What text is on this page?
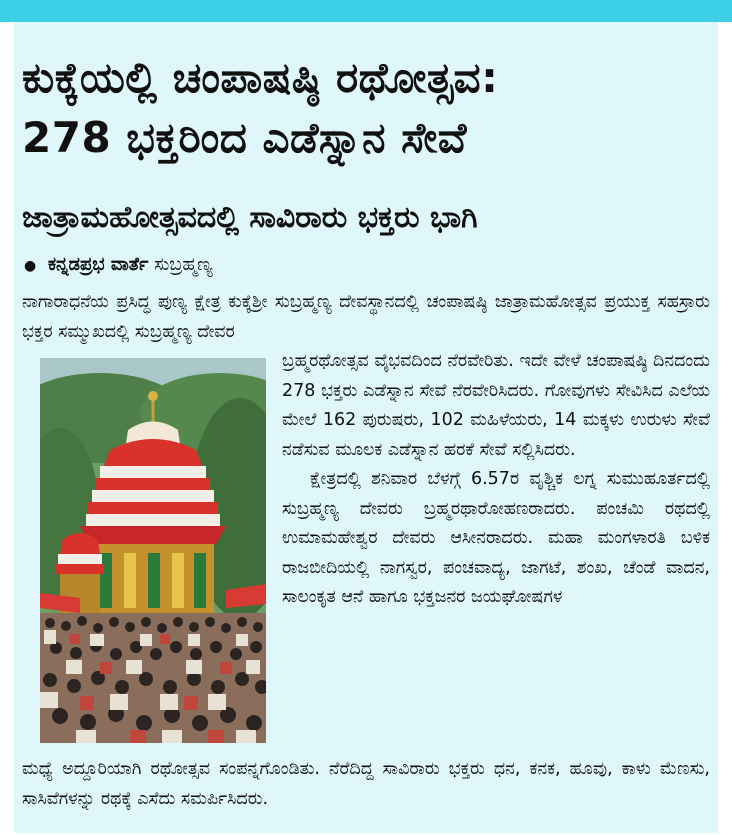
ಕುಕ್ಕೆಯಲ್ಲಿ ಚಂಪಾಷಷ್ಠಿ ರಥೋತ್ಸವ:
278 ಭಕ್ತರಿಂದ ಎಡೆಸ್ನಾನ ಸೇವೆ
ಜಾತ್ರಾಮಹೋತ್ಸವದಲ್ಲಿ ಸಾವಿರಾರು ಭಕ್ತರು ಭಾಗಿ
● ಕನ್ನಡಪ್ರಭ ವಾರ್ತೆ ಸುಬ್ರಹ್ಮಣ್ಯ
ನಾಗಾರಾಧನೆಯ ಪ್ರಸಿದ್ಧ ಪುಣ್ಯ ಕ್ಷೇತ್ರ ಕುಕ್ಕೆಶ್ರೀ ಸುಬ್ರಹ್ಮಣ್ಯ ದೇವಸ್ಥಾನದಲ್ಲಿ ಚಂಪಾಷಷ್ಠಿ ಜಾತ್ರಾಮಹೋತ್ಸವ ಪ್ರಯುಕ್ತ ಸಹಸ್ರಾರು ಭಕ್ತರ ಸಮ್ಮುಖದಲ್ಲಿ ಸುಬ್ರಹ್ಮಣ್ಯ ದೇವರ
ಬ್ರಹ್ಮರಥೋತ್ಸವ ವೈಭವದಿಂದ ನೆರವೇರಿತು. ಇದೇ ವೇಳೆ ಚಂಪಾಷಷ್ಠಿ ದಿನದಂದು 278 ಭಕ್ತರು ಎಡೆಸ್ನಾನ ಸೇವೆ ನೆರವೇರಿಸಿದರು. ಗೋವುಗಳು ಸೇವಿಸಿದ ಎಲೆಯ ಮೇಲೆ 162 ಪುರುಷರು, 102 ಮಹಿಳೆಯರು, 14 ಮಕ್ಕಳು ಉರುಳು ಸೇವೆ ನಡೆಸುವ ಮೂಲಕ ಎಡೆಸ್ನಾನ ಹರಕೆ ಸೇವೆ ಸಲ್ಲಿಸಿದರು.
ಕ್ಷೇತ್ರದಲ್ಲಿ ಶನಿವಾರ ಬೆಳಗ್ಗೆ 6.57ರ ವೃಶ್ಚಿಕ ಲಗ್ನ ಸುಮುಹೂರ್ತದಲ್ಲಿ ಸುಬ್ರಹ್ಮಣ್ಯ ದೇವರು ಬ್ರಹ್ಮರಥಾರೋಹಣರಾದರು. ಪಂಚಮಿ ರಥದಲ್ಲಿ ಉಮಾಮಹೇಶ್ವರ ದೇವರು ಆಸೀನರಾದರು. ಮಹಾ ಮಂಗಳಾರತಿ ಬಳಿಕ ರಾಜಬೀದಿಯಲ್ಲಿ ನಾಗಸ್ವರ, ಪಂಚವಾದ್ಯ, ಜಾಗಟೆ, ಶಂಖ, ಚೆಂಡೆ ವಾದನ, ಸಾಲಂಕೃತ ಆನೆ ಹಾಗೂ ಭಕ್ತಜನರ ಜಯಘೋಷಗಳ
ಮಧ್ಯೆ ಅದ್ದೂರಿಯಾಗಿ ರಥೋತ್ಸವ ಸಂಪನ್ನಗೊಂಡಿತು. ನೆರೆದಿದ್ದ ಸಾವಿರಾರು ಭಕ್ತರು ಧನ, ಕನಕ, ಹೂವು, ಕಾಳು ಮೆಣಸು, ಸಾಸಿವೆಗಳನ್ನು ರಥಕ್ಕೆ ಎಸೆದು ಸಮರ್ಪಿಸಿದರು.
